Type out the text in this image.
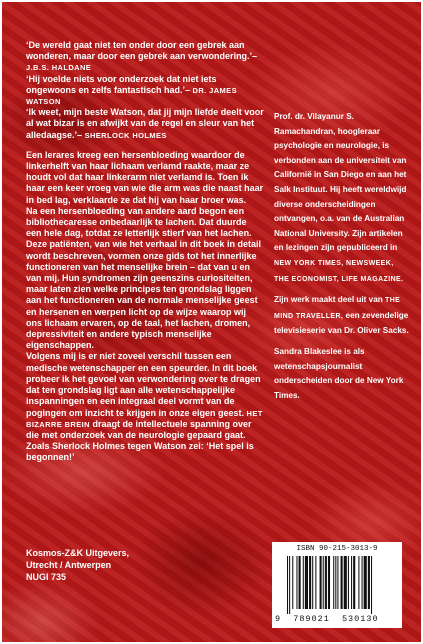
‘De wereld gaat niet ten onder door een gebrek aan wonderen, maar door een gebrek aan verwondering.’– J.B.S. HALDANE

‘Hij voelde niets voor onderzoek dat niet iets ongewoons en zelfs fantastisch had.’– DR. JAMES WATSON

‘Ik weet, mijn beste Watson, dat jij mijn liefde deelt voor al wat bizar is en afwijkt van de regel en sleur van het alledaagse.’– SHERLOCK HOLMES

Een lerares kreeg een hersenbloeding waardoor de linkerhelft van haar lichaam verlamd raakte, maar ze houdt vol dat haar linkerarm niet verlamd is. Toen ik haar een keer vroeg van wie die arm was die naast haar in bed lag, verklaarde ze dat hij van haar broer was.

Na een hersenbloeding van andere aard begon een bibliothecaresse onbedaarlijk te lachen. Dat duurde een hele dag, totdat ze letterlijk stierf van het lachen.

Deze patiënten, van wie het verhaal in dit boek in detail wordt beschreven, vormen onze gids tot het innerlijke functioneren van het menselijke brein – dat van u en van mij. Hun syndromen zijn geenszins curiositeiten, maar laten zien welke principes ten grondslag liggen aan het functioneren van de normale menselijke geest en hersenen en werpen licht op de wijze waarop wij ons lichaam ervaren, op de taal, het lachen, dromen, depressiviteit en andere typisch menselijke eigenschappen.

Volgens mij is er niet zoveel verschil tussen een medische wetenschapper en een speurder. In dit boek probeer ik het gevoel van verwondering over te dragen dat ten grondslag ligt aan alle wetenschappelijke inspanningen en een integraal deel vormt van de pogingen om inzicht te krijgen in onze eigen geest. HET BIZARRE BREIN draagt de intellectuele spanning over die met onderzoek van de neurologie gepaard gaat. Zoals Sherlock Holmes tegen Watson zei: ‘Het spel is begonnen!’

Prof. dr. Vilayanur S. Ramachandran, hoogleraar psychologie en neurologie, is verbonden aan de universiteit van Californië in San Diego en aan het Salk Instituut. Hij heeft wereldwijd diverse onderscheidingen ontvangen, o.a. van de Australian National University. Zijn artikelen en lezingen zijn gepubliceerd in NEW YORK TIMES, NEWSWEEK, THE ECONOMIST, LIFE MAGAZINE.

Zijn werk maakt deel uit van THE MIND TRAVELLER, een zevendelige televisieserie van Dr. Oliver Sacks.

Sandra Blakeslee is als wetenschapsjournalist onderscheiden door de New York Times.

Kosmos-Z&K Uitgevers,
Utrecht / Antwerpen
NUGI 735
ISBN 90-215-3013-9
9 789021 530130
